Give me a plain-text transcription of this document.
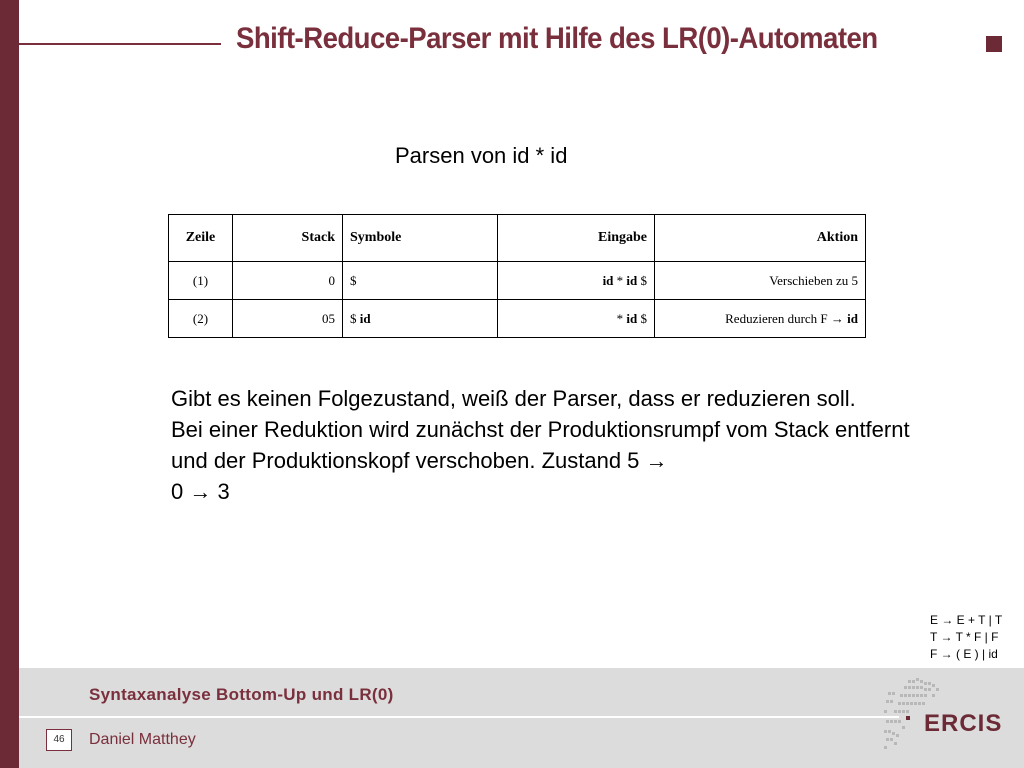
Shift-Reduce-Parser mit Hilfe des LR(0)-Automaten
Parsen von id * id
Zeile	Stack	Symbole	Eingabe	Aktion
(1)	0	$	id * id $	Verschieben zu 5
(2)	05	$ id	* id $	Reduzieren durch F → id
Gibt es keinen Folgezustand, weiß der Parser, dass er reduzieren soll.
Bei einer Reduktion wird zunächst der Produktionsrumpf vom Stack entfernt und der Produktionskopf verschoben. Zustand 5 →
0 → 3
E → E + T | T
T → T * F | F
F → ( E ) | id
Syntaxanalyse Bottom-Up und LR(0)
46	Daniel Matthey
ERCIS
